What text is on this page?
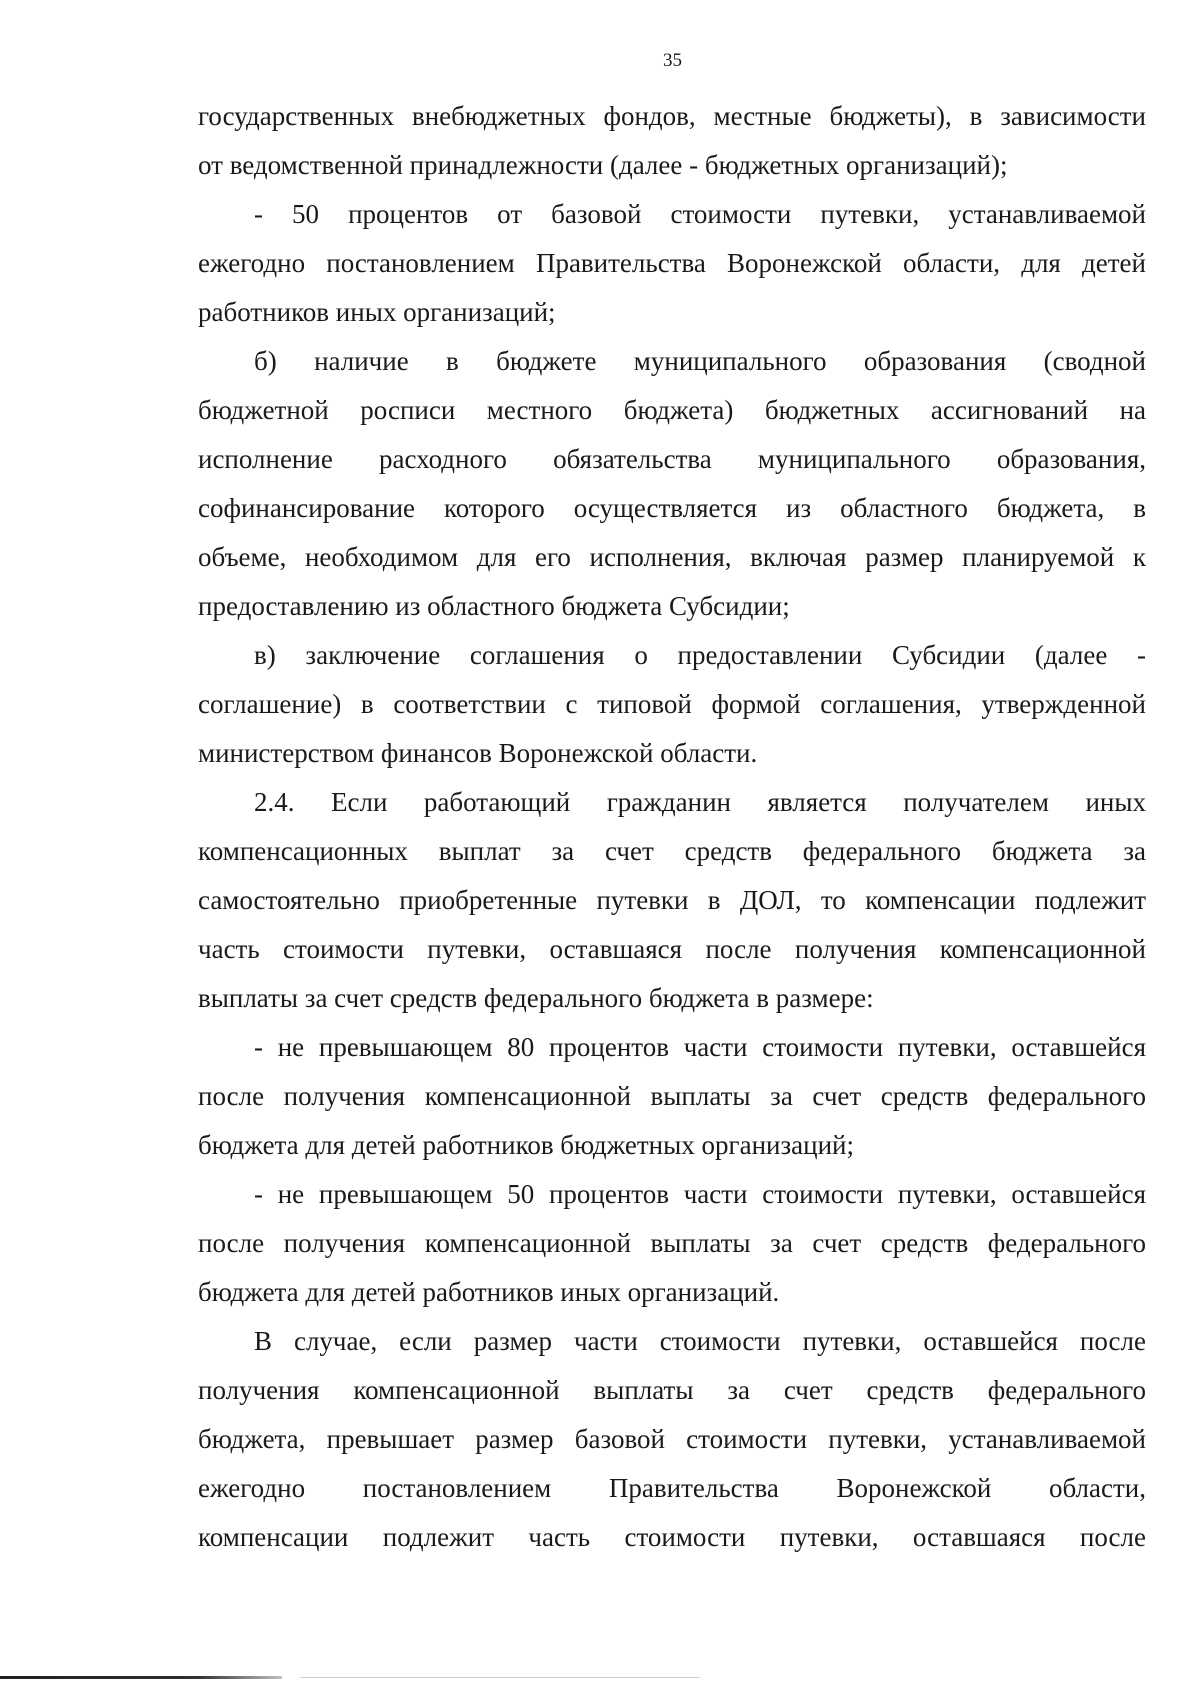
35

государственных внебюджетных фондов, местные бюджеты), в зависимости
от ведомственной принадлежности (далее - бюджетных организаций);

- 50 процентов от базовой стоимости путевки, устанавливаемой
ежегодно постановлением Правительства Воронежской области, для детей
работников иных организаций;

б) наличие в бюджете муниципального образования (сводной
бюджетной росписи местного бюджета) бюджетных ассигнований на
исполнение расходного обязательства муниципального образования,
софинансирование которого осуществляется из областного бюджета, в
объеме, необходимом для его исполнения, включая размер планируемой к
предоставлению из областного бюджета Субсидии;

в) заключение соглашения о предоставлении Субсидии (далее -
соглашение) в соответствии с типовой формой соглашения, утвержденной
министерством финансов Воронежской области.

2.4. Если работающий гражданин является получателем иных
компенсационных выплат за счет средств федерального бюджета за
самостоятельно приобретенные путевки в ДОЛ, то компенсации подлежит
часть стоимости путевки, оставшаяся после получения компенсационной
выплаты за счет средств федерального бюджета в размере:

- не превышающем 80 процентов части стоимости путевки, оставшейся
после получения компенсационной выплаты за счет средств федерального
бюджета для детей работников бюджетных организаций;

- не превышающем 50 процентов части стоимости путевки, оставшейся
после получения компенсационной выплаты за счет средств федерального
бюджета для детей работников иных организаций.

В случае, если размер части стоимости путевки, оставшейся после
получения компенсационной выплаты за счет средств федерального
бюджета, превышает размер базовой стоимости путевки, устанавливаемой
ежегодно постановлением Правительства Воронежской области,
компенсации подлежит часть стоимости путевки, оставшаяся после
